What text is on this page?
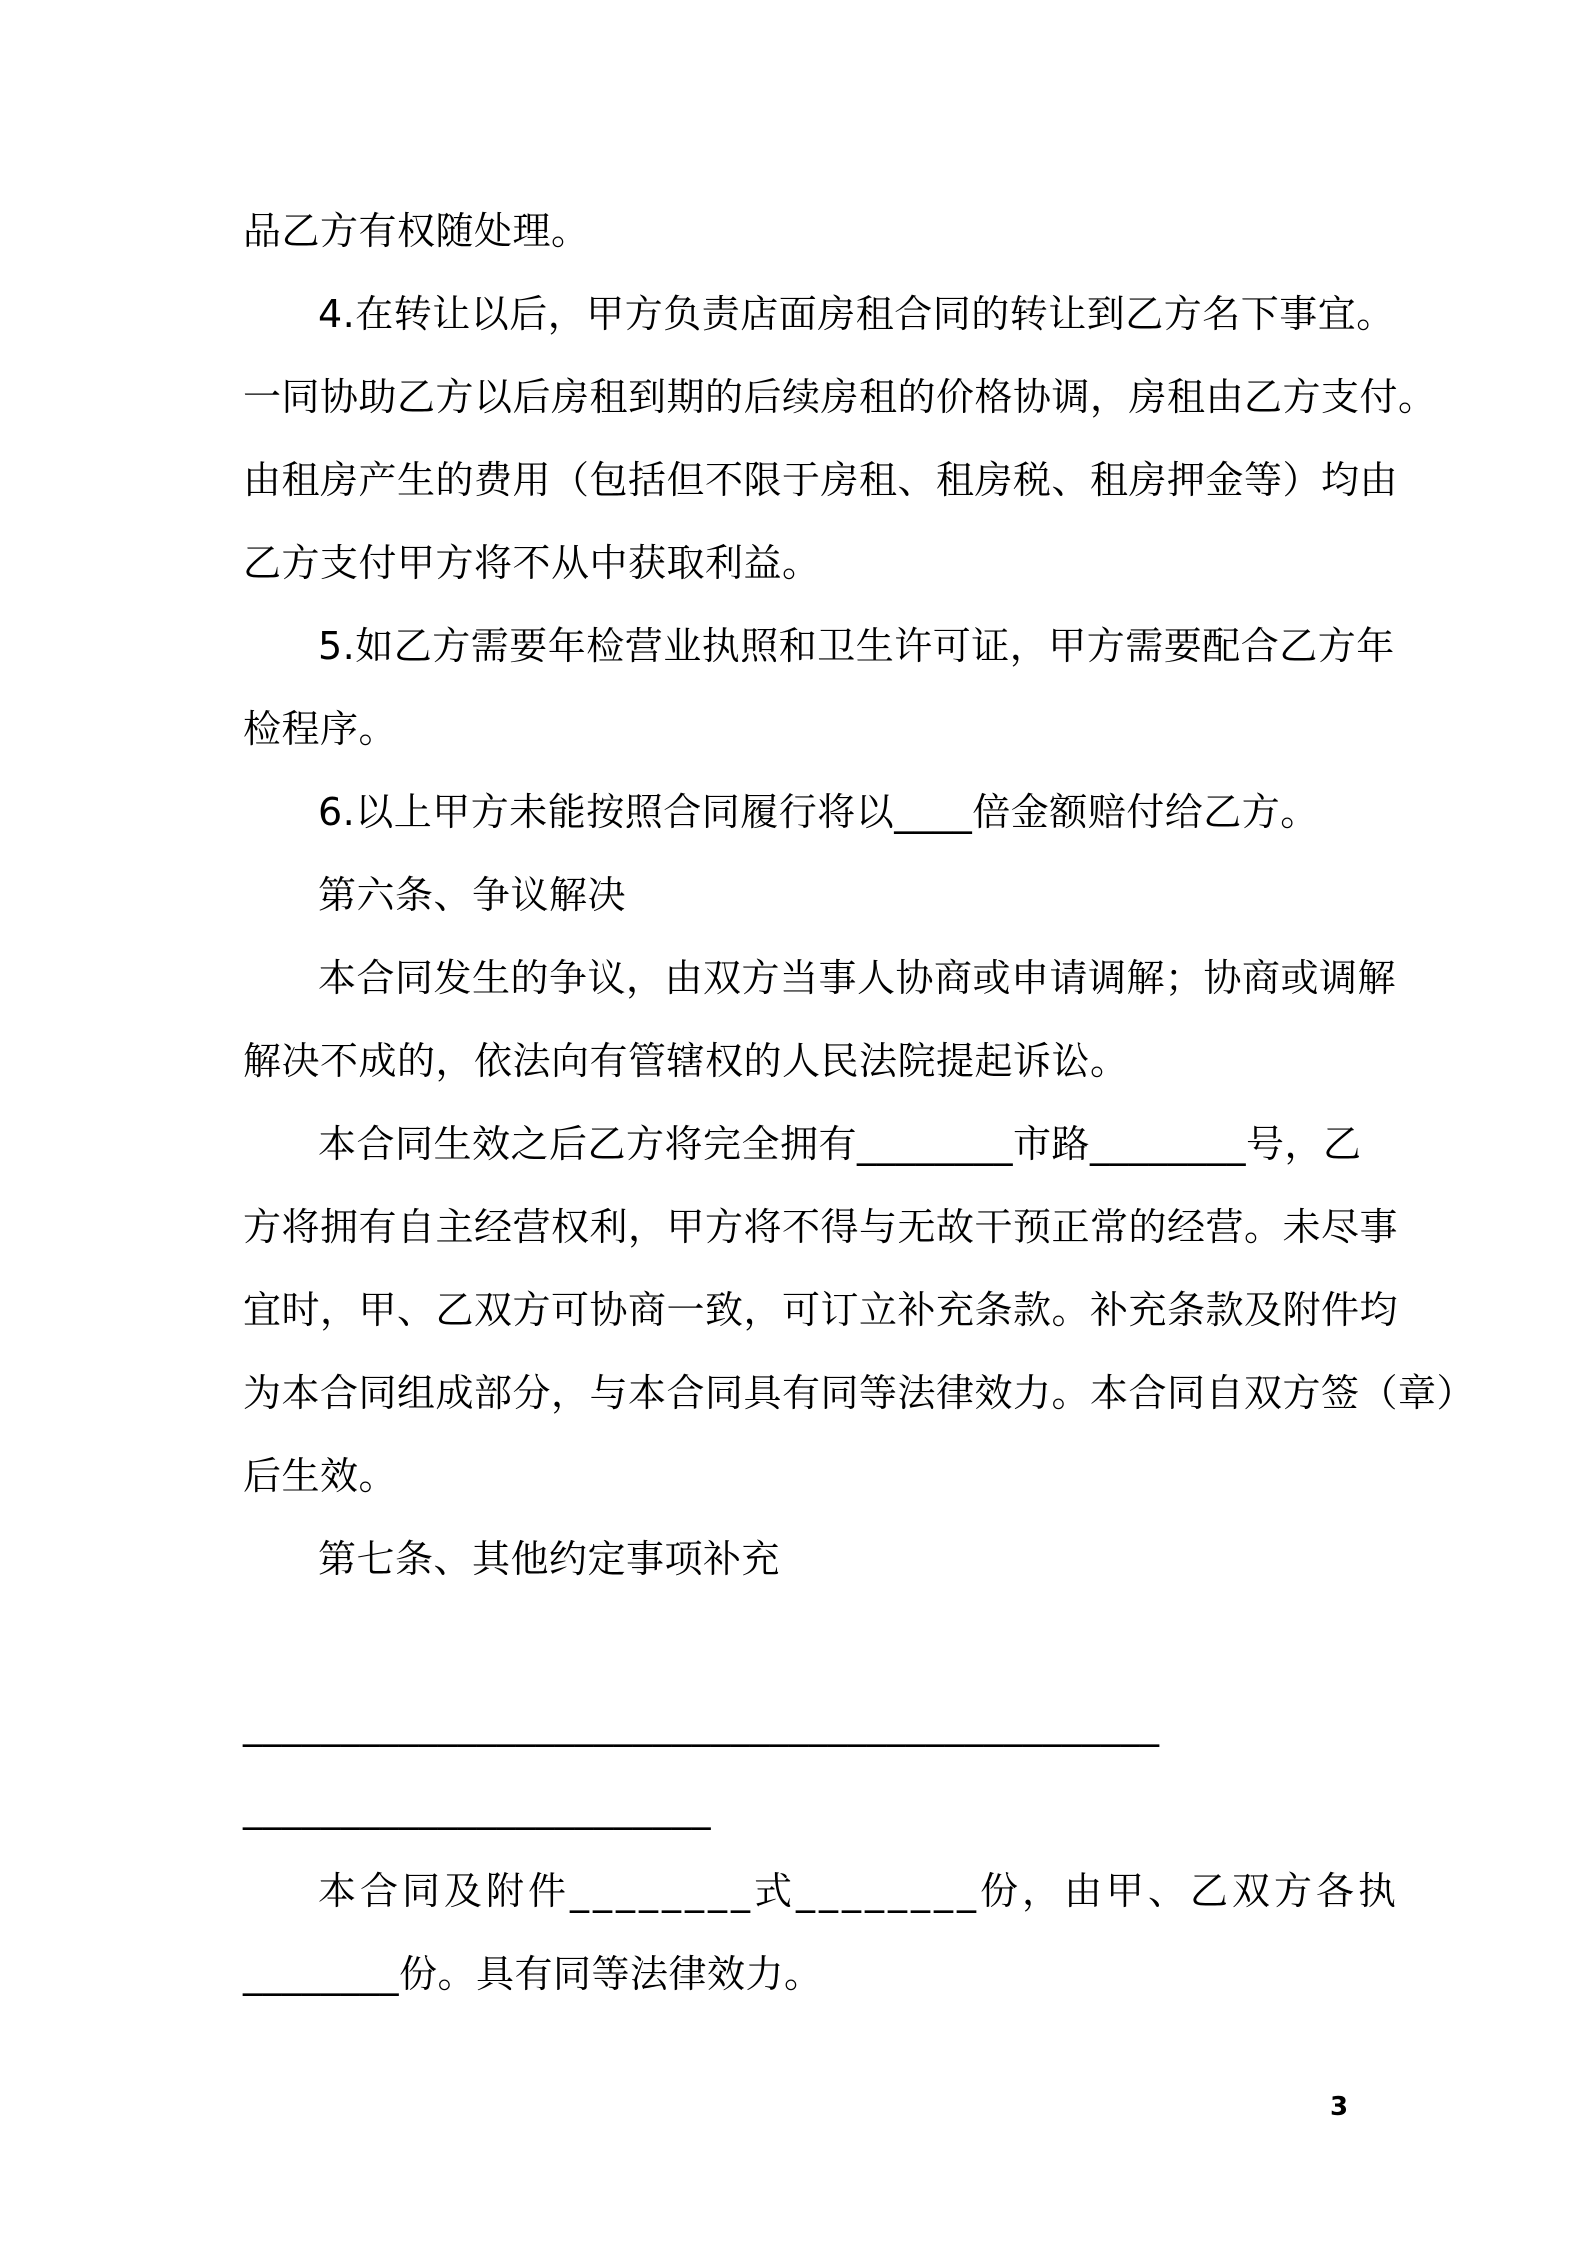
品乙方有权随处理。
4.在转让以后，甲方负责店面房租合同的转让到乙方名下事宜。
一同协助乙方以后房租到期的后续房租的价格协调，房租由乙方支付。
由租房产生的费用（包括但不限于房租、租房税、租房押金等）均由
乙方支付甲方将不从中获取利益。
5.如乙方需要年检营业执照和卫生许可证，甲方需要配合乙方年
检程序。
6.以上甲方未能按照合同履行将以____倍金额赔付给乙方。
第六条、争议解决
本合同发生的争议，由双方当事人协商或申请调解；协商或调解
解决不成的，依法向有管辖权的人民法院提起诉讼。
本合同生效之后乙方将完全拥有________市路________号，乙
方将拥有自主经营权利，甲方将不得与无故干预正常的经营。未尽事
宜时，甲、乙双方可协商一致，可订立补充条款。补充条款及附件均
为本合同组成部分，与本合同具有同等法律效力。本合同自双方签（章）
后生效。
第七条、其他约定事项补充
_______________________________________________
________________________
本合同及附件________式________份，由甲、乙双方各执
________份。具有同等法律效力。
3
